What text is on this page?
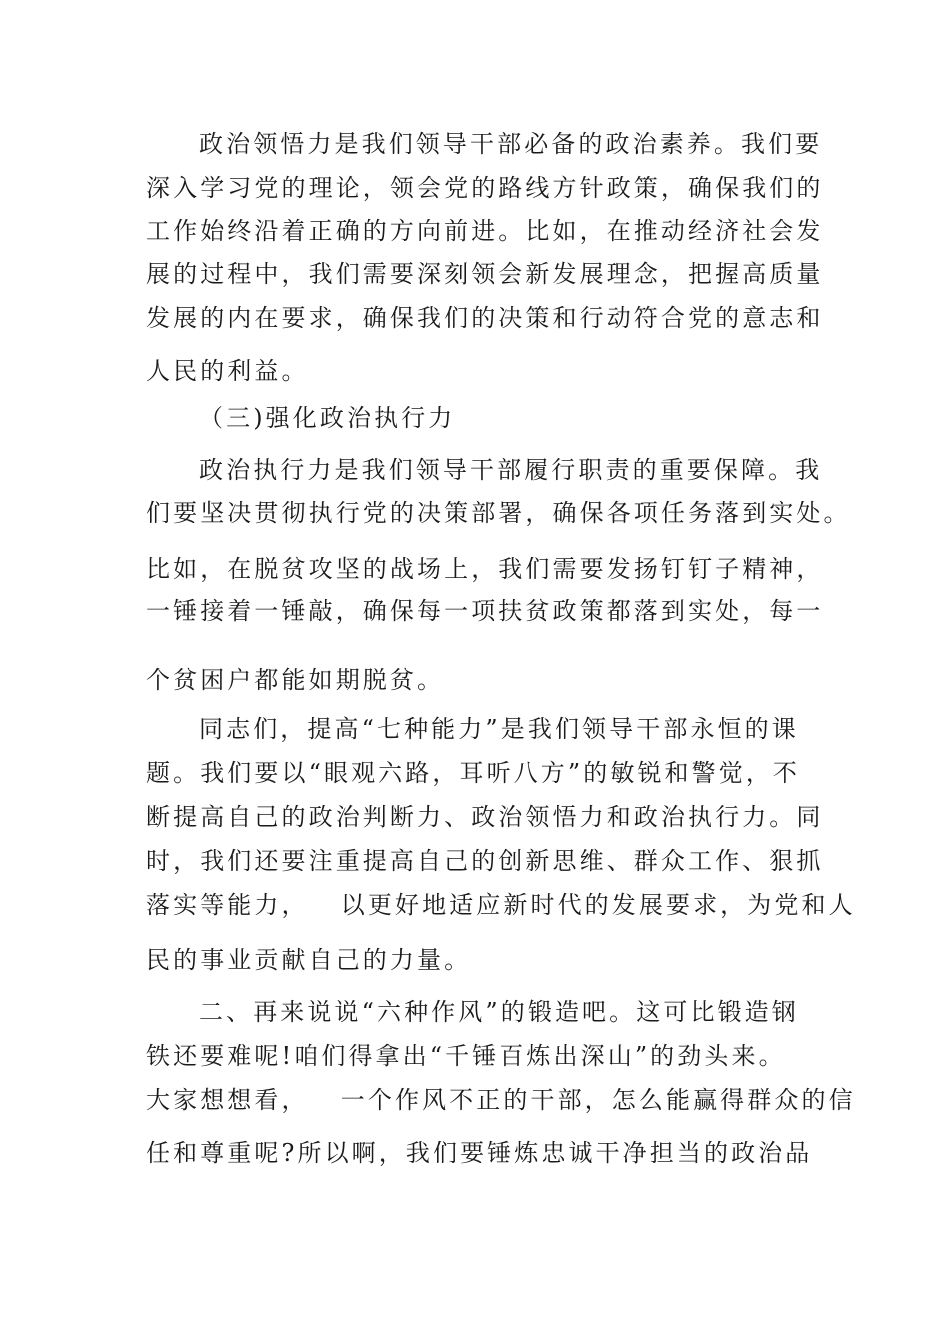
政治领悟力是我们领导干部必备的政治素养。我们要
深入学习党的理论，领会党的路线方针政策，确保我们的
工作始终沿着正确的方向前进。比如，在推动经济社会发
展的过程中，我们需要深刻领会新发展理念，把握高质量
发展的内在要求，确保我们的决策和行动符合党的意志和
人民的利益。
（三)强化政治执行力
政治执行力是我们领导干部履行职责的重要保障。我
们要坚决贯彻执行党的决策部署，确保各项任务落到实处。
比如，在脱贫攻坚的战场上，我们需要发扬钉钉子精神，
一锤接着一锤敲，确保每一项扶贫政策都落到实处，每一
个贫困户都能如期脱贫。
同志们，提高“七种能力”是我们领导干部永恒的课
题。我们要以“眼观六路，耳听八方”的敏锐和警觉，不
断提高自己的政治判断力、政治领悟力和政治执行力。同
时，我们还要注重提高自己的创新思维、群众工作、狠抓
落实等能力，   以更好地适应新时代的发展要求，为党和人
民的事业贡献自己的力量。
二、再来说说“六种作风”的锻造吧。这可比锻造钢
铁还要难呢!咱们得拿出“千锤百炼出深山”的劲头来。
大家想想看，   一个作风不正的干部，怎么能赢得群众的信
任和尊重呢?所以啊，我们要锤炼忠诚干净担当的政治品
